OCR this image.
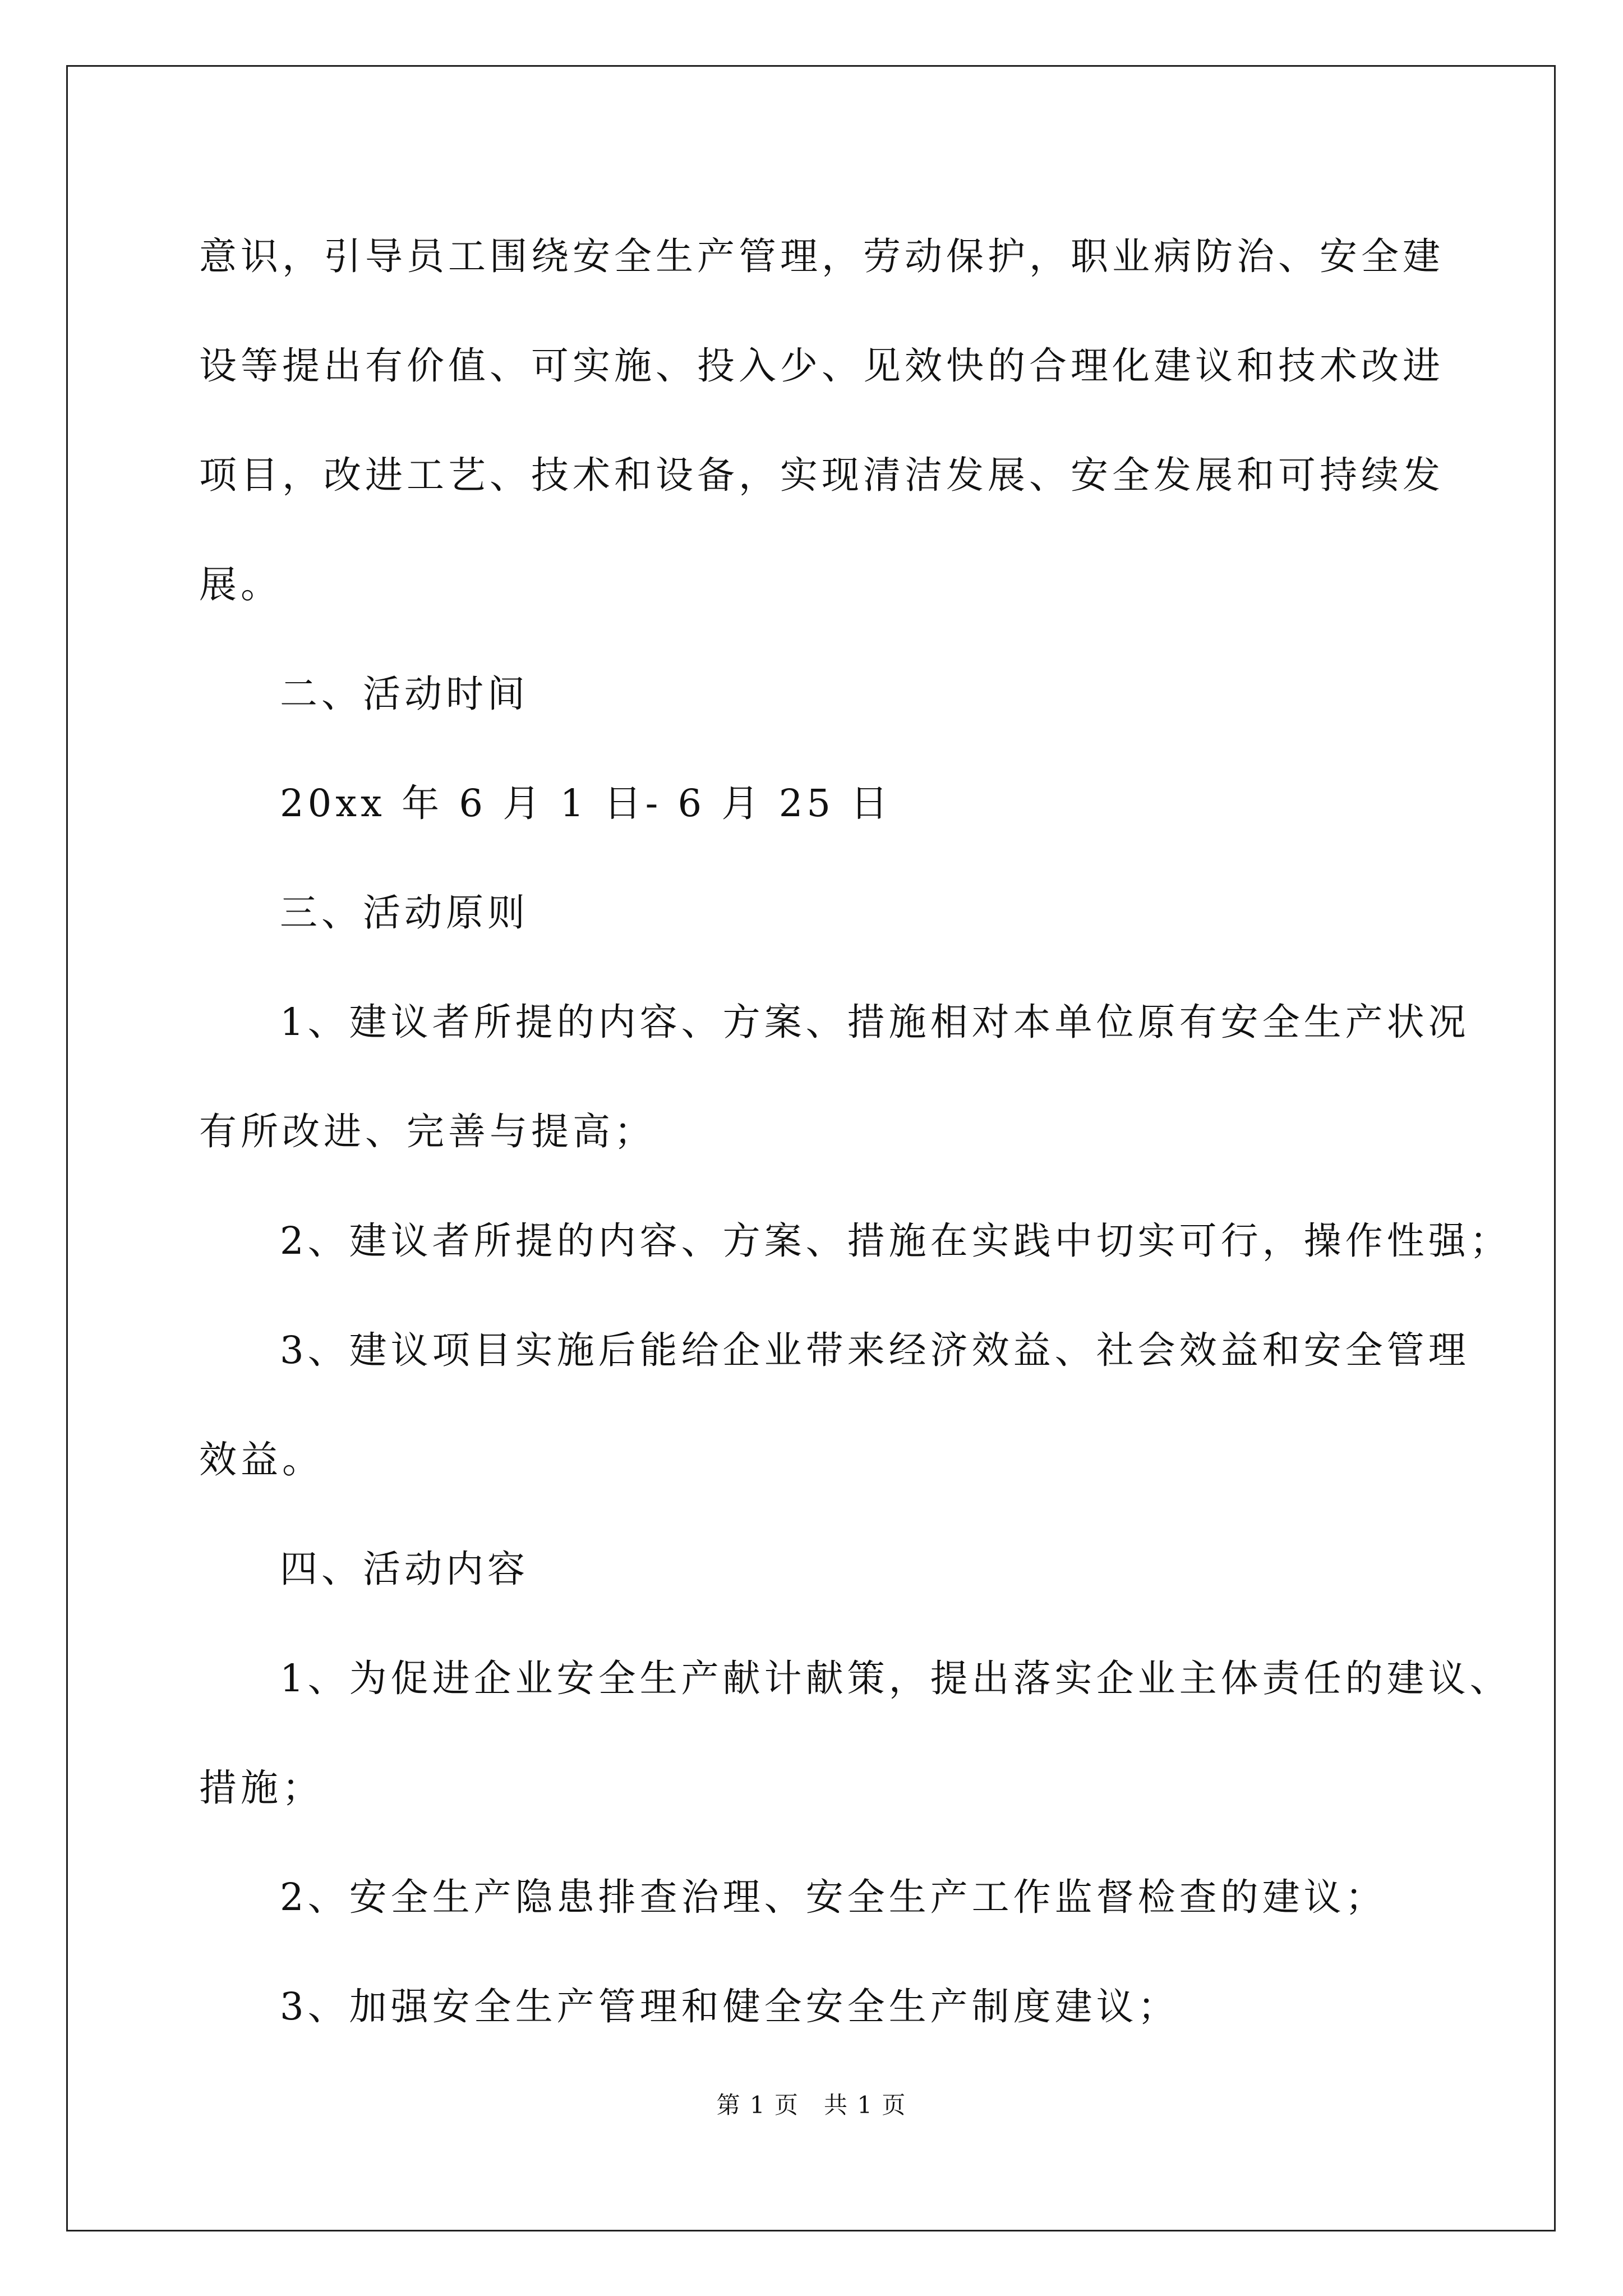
意识，引导员工围绕安全生产管理，劳动保护，职业病防治、安全建

设等提出有价值、可实施、投入少、见效快的合理化建议和技术改进

项目，改进工艺、技术和设备，实现清洁发展、安全发展和可持续发

展。

二、活动时间

20xx 年 6 月 1 日- 6 月 25 日

三、活动原则

1、建议者所提的内容、方案、措施相对本单位原有安全生产状况

有所改进、完善与提高；

2、建议者所提的内容、方案、措施在实践中切实可行，操作性强；

3、建议项目实施后能给企业带来经济效益、社会效益和安全管理

效益。

四、活动内容

1、为促进企业安全生产献计献策，提出落实企业主体责任的建议、

措施；

2、安全生产隐患排查治理、安全生产工作监督检查的建议；

3、加强安全生产管理和健全安全生产制度建议；

第 1 页　共 1 页
